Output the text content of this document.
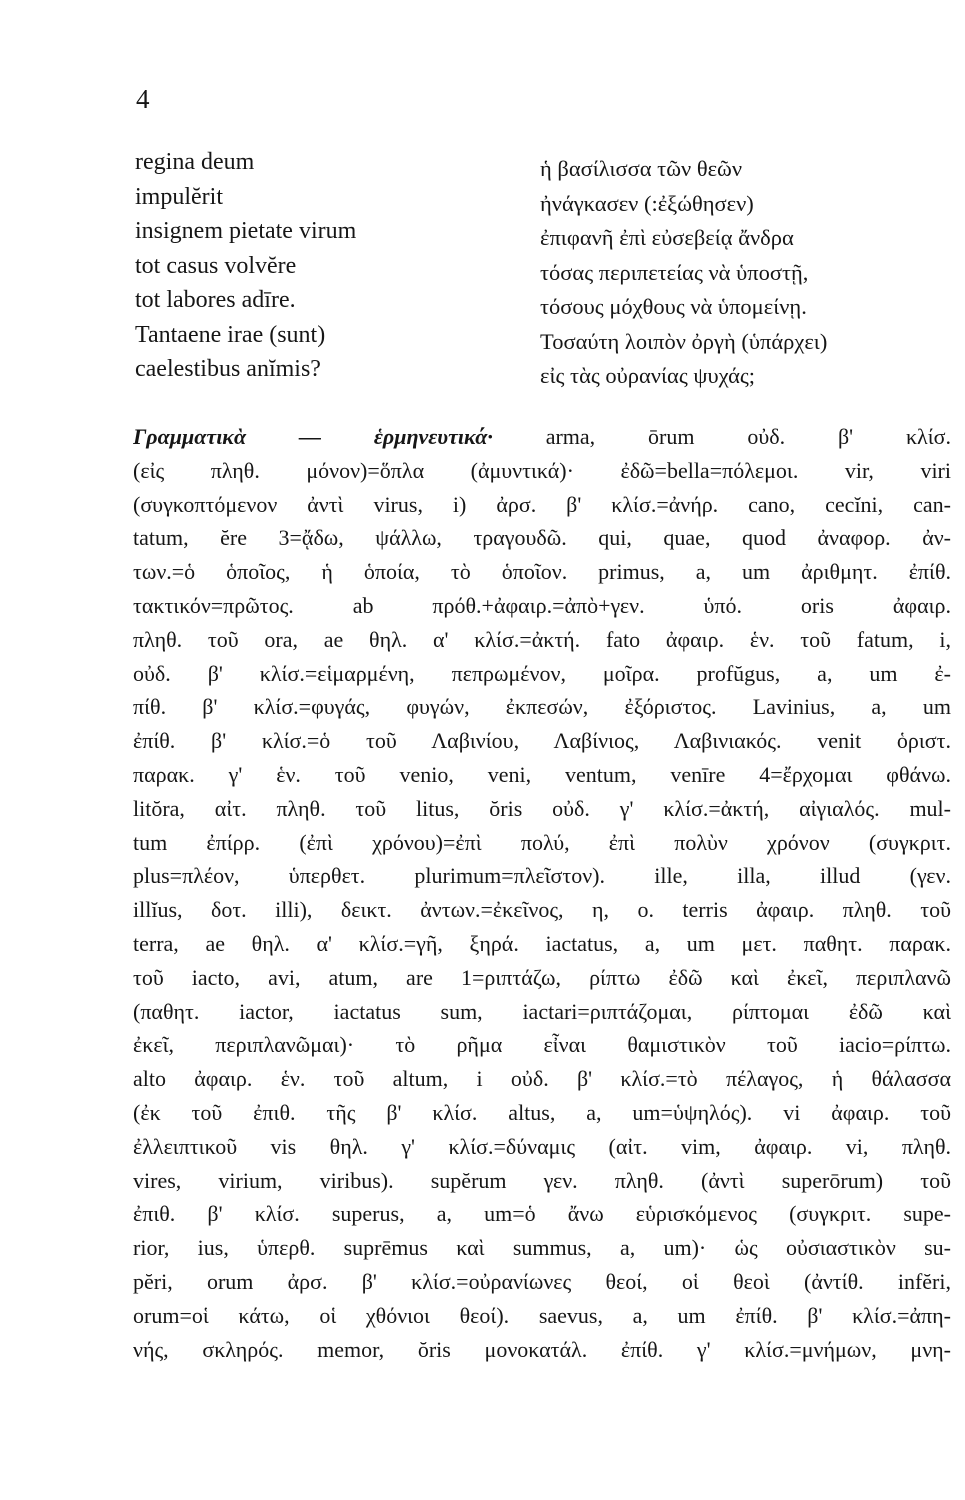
4
regina deum
impulĕrit
insignem pietate virum
tot casus volvĕre
tot labores adīre.
Tantaene irae (sunt)
caelestibus anĭmis?
ἡ βασίλισσα τῶν θεῶν
ἠνάγκασεν (:ἐξώθησεν)
ἐπιφανῆ ἐπὶ εὐσεβείᾳ ἄνδρα
τόσας περιπετείας νὰ ὑποστῇ,
τόσους μόχθους νὰ ὑπομείνῃ.
Τοσαύτη λοιπὸν ὀργὴ (ὑπάρχει)
εἰς τὰς οὐρανίας ψυχάς;
Γραμματικὰ — ἑρμηνευτικά· arma, ōrum οὐδ. β' κλίσ.
(εἰς πληθ. μόνον)=ὅπλα (ἀμυντικά)· ἐδῶ=bella=πόλεμοι. vir, viri
(συγκοπτόμενον ἀντὶ virus, i) ἀρσ. β' κλίσ.=ἀνήρ. cano, cecĭni, can-
tatum, ĕre 3=ᾄδω, ψάλλω, τραγουδῶ. qui, quae, quod ἀναφορ. ἀν-
των.=ὁ ὁποῖος, ἡ ὁποία, τὸ ὁποῖον. primus, a, um ἀριθμητ. ἐπίθ.
τακτικόν=πρῶτος. ab πρόθ.+ἀφαιρ.=ἀπὸ+γεν. ὑπό. oris ἀφαιρ.
πληθ. τοῦ ora, ae θηλ. α' κλίσ.=ἀκτή. fato ἀφαιρ. ἑν. τοῦ fatum, i,
οὐδ. β' κλίσ.=εἱμαρμένη, πεπρωμένον, μοῖρα. profŭgus, a, um ἐ-
πίθ. β' κλίσ.=φυγάς, φυγών, ἐκπεσών, ἐξόριστος. Lavinius, a, um
ἐπίθ. β' κλίσ.=ὁ τοῦ Λαβινίου, Λαβίνιος, Λαβινιακός. venit ὁριστ.
παρακ. γ' ἑν. τοῦ venio, veni, ventum, venīre 4=ἔρχομαι φθάνω.
litŏra, αἰτ. πληθ. τοῦ litus, ŏris οὐδ. γ' κλίσ.=ἀκτή, αἰγιαλός. mul-
tum ἐπίρρ. (ἐπὶ χρόνου)=ἐπὶ πολύ, ἐπὶ πολὺν χρόνον (συγκριτ.
plus=πλέον, ὑπερθετ. plurimum=πλεῖστον). ille, illa, illud (γεν.
illĭus, δοτ. illi), δεικτ. ἀντων.=ἐκεῖνος, η, ο. terris ἀφαιρ. πληθ. τοῦ
terra, ae θηλ. α' κλίσ.=γῆ, ξηρά. iactatus, a, um μετ. παθητ. παρακ.
τοῦ iacto, avi, atum, are 1=ριπτάζω, ρίπτω ἐδῶ καὶ ἐκεῖ, περιπλανῶ
(παθητ. iactor, iactatus sum, iactari=ριπτάζομαι, ρίπτομαι ἐδῶ καὶ
ἐκεῖ, περιπλανῶμαι)· τὸ ρῆμα εἶναι θαμιστικὸν τοῦ iacio=ρίπτω.
alto ἀφαιρ. ἑν. τοῦ altum, i οὐδ. β' κλίσ.=τὸ πέλαγος, ἡ θάλασσα
(ἐκ τοῦ ἐπιθ. τῆς β' κλίσ. altus, a, um=ὑψηλός). vi ἀφαιρ. τοῦ
ἐλλειπτικοῦ vis θηλ. γ' κλίσ.=δύναμις (αἰτ. vim, ἀφαιρ. vi, πληθ.
vires, virium, viribus). supĕrum γεν. πληθ. (ἀντὶ superōrum) τοῦ
ἐπιθ. β' κλίσ. superus, a, um=ὁ ἄνω εὑρισκόμενος (συγκριτ. supe-
rior, ius, ὑπερθ. suprēmus καὶ summus, a, um)· ὡς οὐσιαστικὸν su-
pĕri, orum ἀρσ. β' κλίσ.=οὐρανίωνες θεοί, οἱ θεοὶ (ἀντίθ. infĕri,
orum=οἱ κάτω, οἱ χθόνιοι θεοί). saevus, a, um ἐπίθ. β' κλίσ.=ἀπη-
νής, σκληρός. memor, ŏris μονοκατάλ. ἐπίθ. γ' κλίσ.=μνήμων, μνη-
